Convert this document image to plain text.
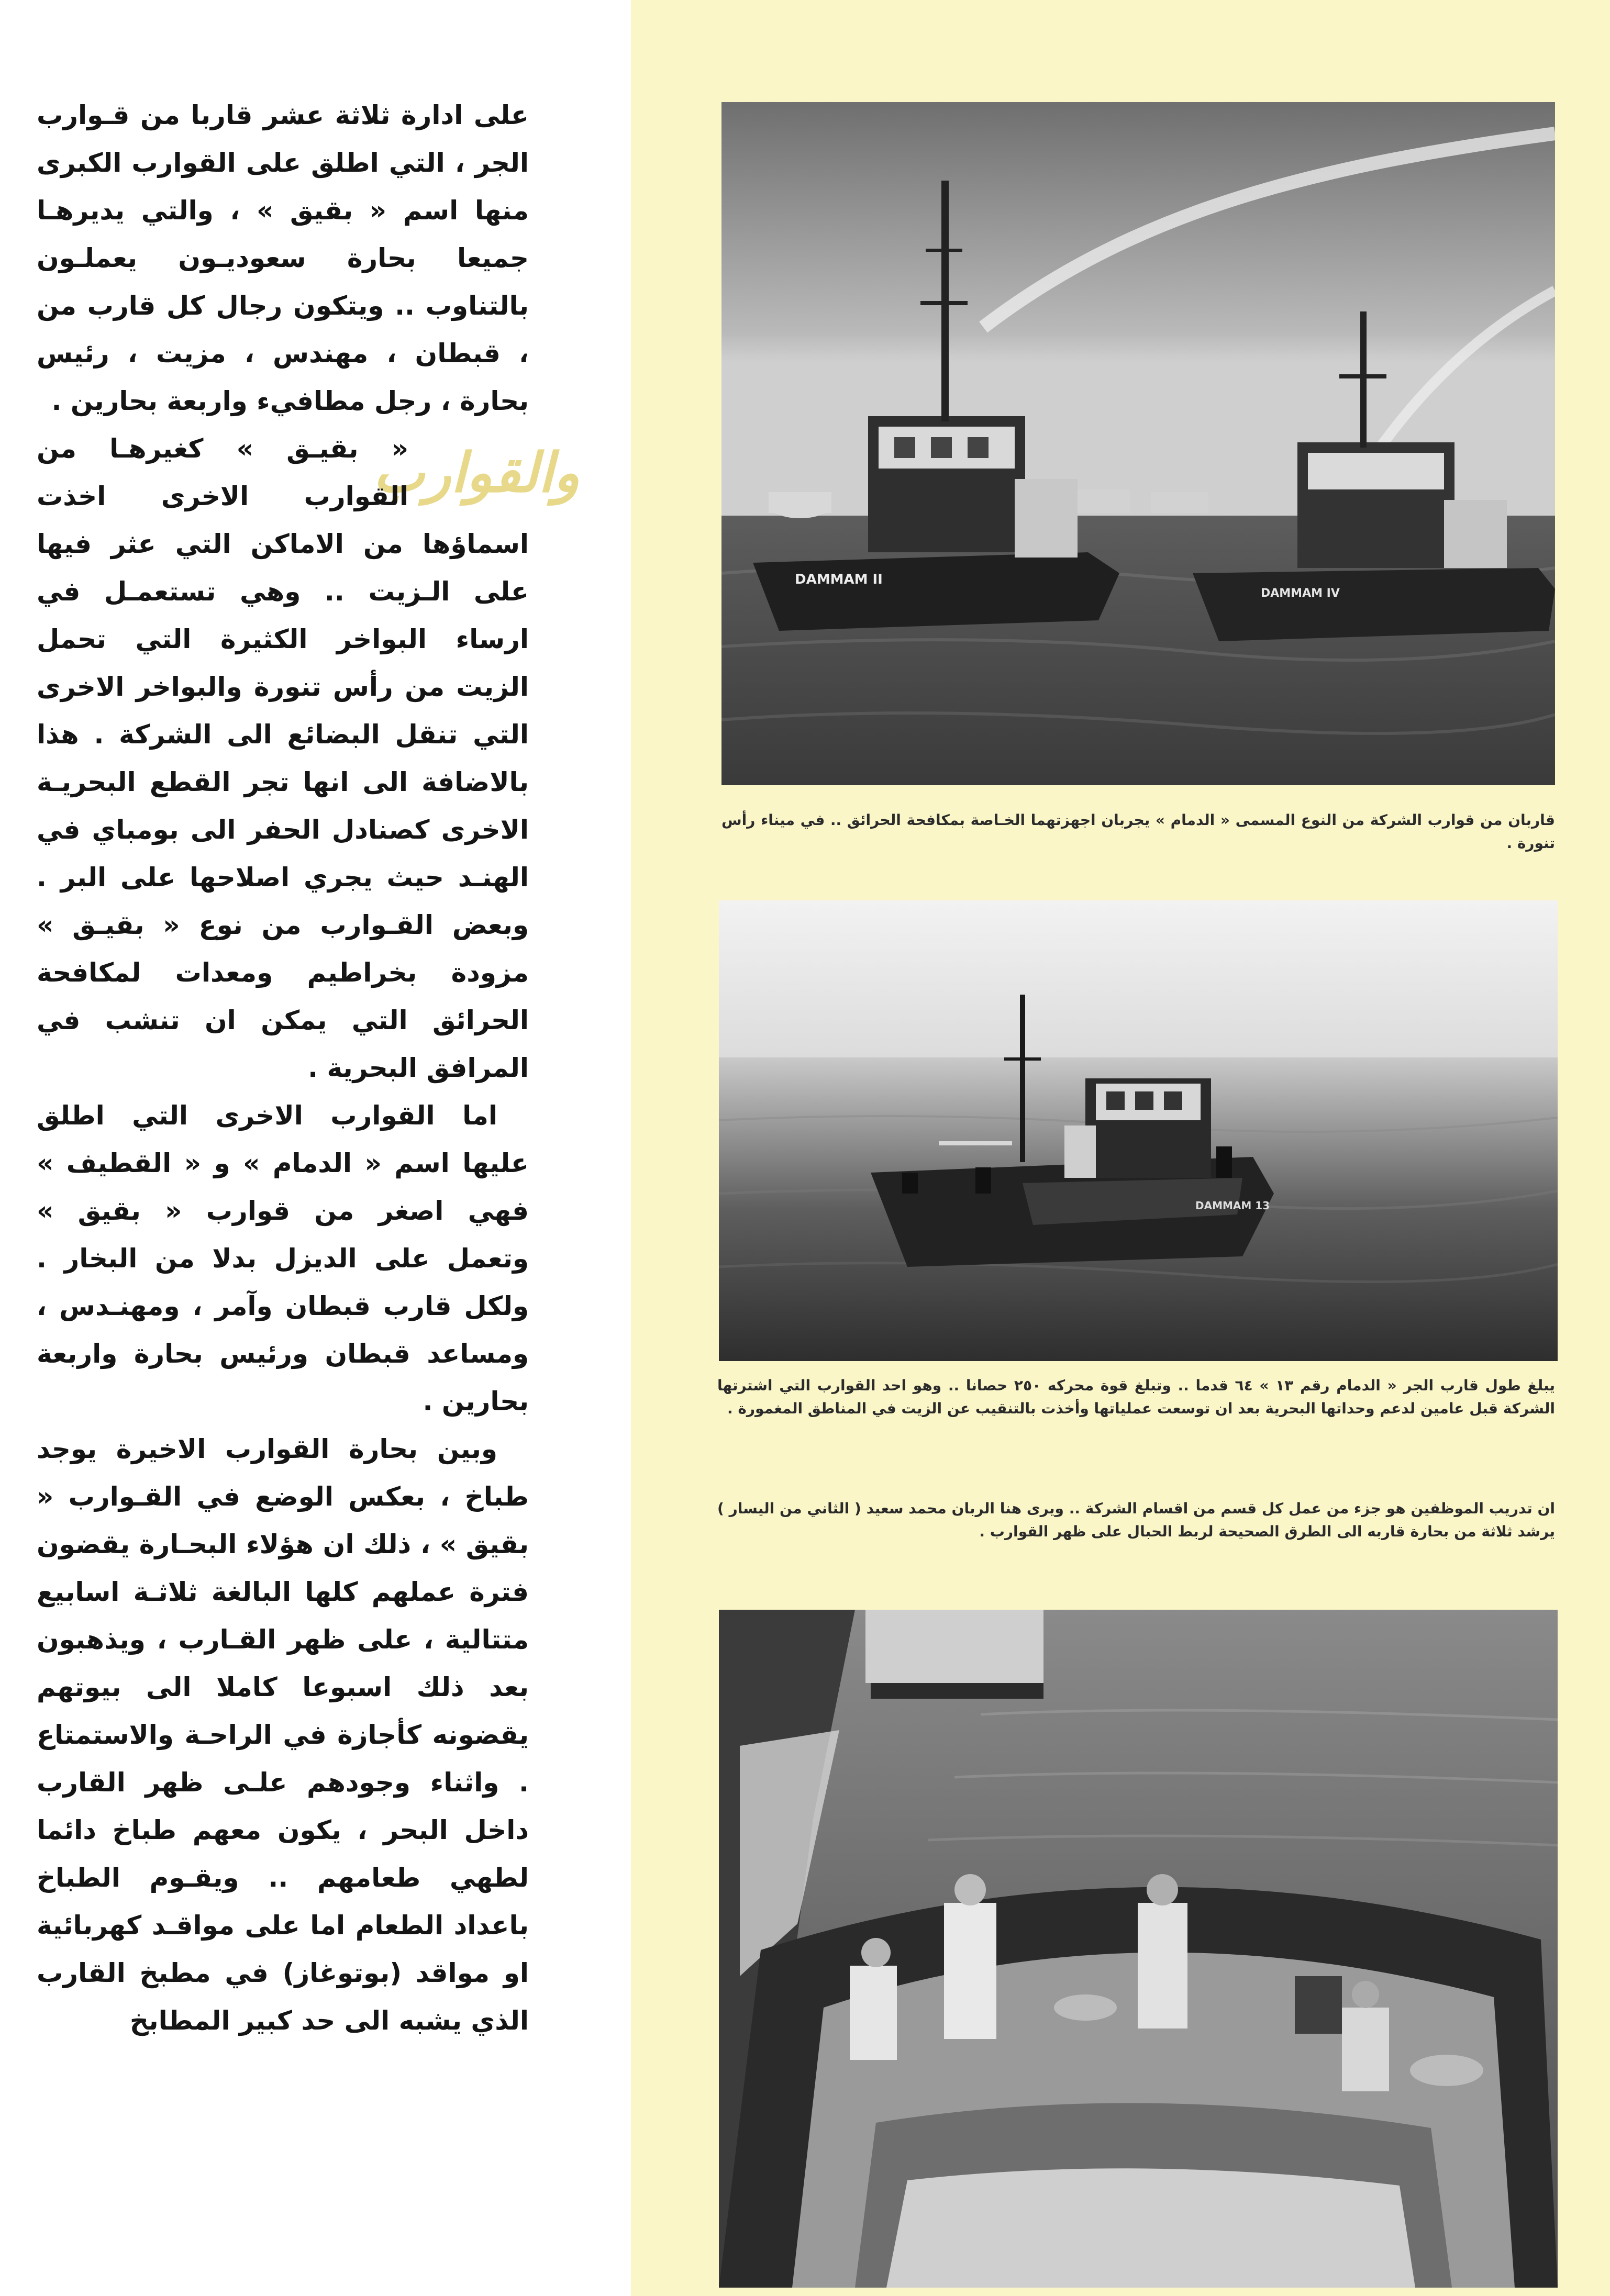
على ادارة ثلاثة عشر قاربا من قـوارب الجر ، التي اطلق على القوارب الكبرى منها اسم « بقيق » ، والتي يديرهـا جميعا بحارة سعوديـون يعملـون بالتناوب .. ويتكون رجال كل قارب من ، قبطان ، مهندس ، مزيت ، رئيس بحارة ، رجل مطافيء واربعة بحارين .

والقوارب

« بقيـق » كغيرهـا من القوارب الاخرى اخذت اسماؤها من الاماكن التي عثر فيها على الـزيت .. وهي تستعمـل في ارساء البواخر الكثيرة التي تحمل الزيت من رأس تنورة والبواخر الاخرى التي تنقل البضائع الى الشركة . هذا بالاضافة الى انها تجر القطع البحريـة الاخرى كصنادل الحفر الى بومباي في الهنـد حيث يجري اصلاحها على البر . وبعض القـوارب من نوع « بقيـق » مزودة بخراطيم ومعدات لمكافحة الحرائق التي يمكن ان تنشب في المرافق البحرية .

اما القوارب الاخرى التي اطلق عليها اسم « الدمام » و « القطيف » فهي اصغر من قوارب « بقيق » وتعمل على الديزل بدلا من البخار . ولكل قارب قبطان وآمر ، ومهنـدس ، ومساعد قبطان ورئيس بحارة واربعة بحارين .

وبين بحارة القوارب الاخيرة يوجد طباخ ، بعكس الوضع في القـوارب « بقيق » ، ذلك ان هؤلاء البحـارة يقضون فترة عملهم كلها البالغة ثلاثـة اسابيع متتالية ، على ظهر القـارب ، ويذهبون بعد ذلك اسبوعا كاملا الى بيوتهم يقضونه كأجازة في الراحـة والاستمتاع . واثناء وجودهم علـى ظهر القارب داخل البحر ، يكون معهم طباخ دائما لطهي طعامهم .. ويقـوم الطباخ باعداد الطعام اما على مواقـد كهربائية او مواقد (بوتوغاز) في مطبخ القارب الذي يشبه الى حد كبير المطابخ

DAMMAM II
DAMMAM IV

قاربان من قوارب الشركة من النوع المسمى « الدمام » يجربان اجهزتهما الخـاصة بمكافحة الحرائق .. في ميناء رأس تنورة .

DAMMAM 13

يبلغ طول قارب الجر « الدمام رقم ١٣ » ٦٤ قدما .. وتبلغ قوة محركه ٢٥٠ حصانا .. وهو احد القوارب التي اشترتها الشركة قبل عامين لدعم وحداتها البحرية بعد ان توسعت عملياتها وأخذت بالتنقيب عن الزيت في المناطق المغمورة .

ان تدريب الموظفين هو جزء من عمل كل قسم من اقسام الشركة .. ويرى هنا الربان محمد سعيد ( الثاني من اليسار ) يرشد ثلاثة من بحارة قاربه الى الطرق الصحيحة لربط الحبال على ظهر القوارب .
